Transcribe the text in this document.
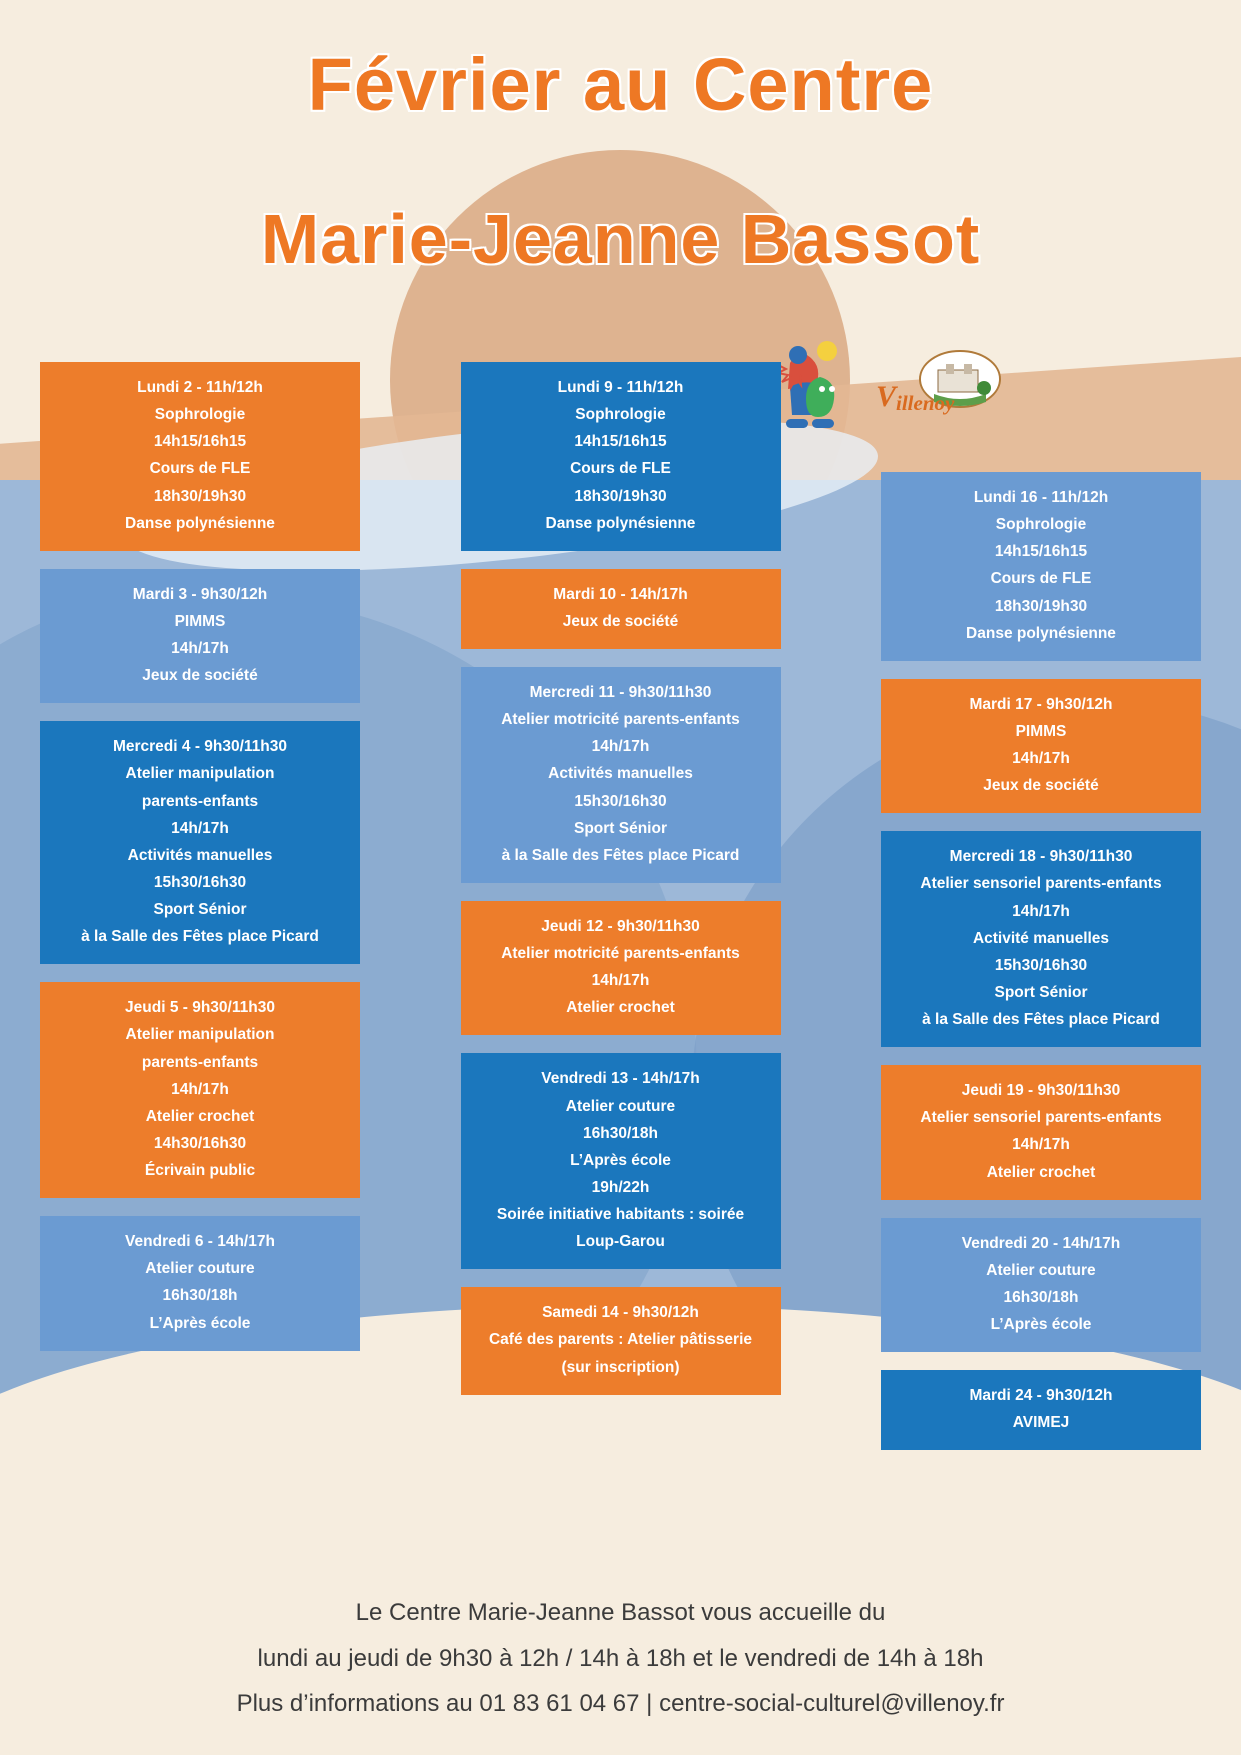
Février au Centre
Marie-Jeanne Bassot
V illenoy
Lundi 2 - 11h/12h
Sophrologie
14h15/16h15
Cours de FLE
18h30/19h30
Danse polynésienne
Mardi 3 - 9h30/12h
PIMMS
14h/17h
Jeux de société
Mercredi 4 - 9h30/11h30
Atelier manipulation
parents-enfants
14h/17h
Activités manuelles
15h30/16h30
Sport Sénior
à la Salle des Fêtes place Picard
Jeudi 5 - 9h30/11h30
Atelier manipulation
parents-enfants
14h/17h
Atelier crochet
14h30/16h30
Écrivain public
Vendredi 6 - 14h/17h
Atelier couture
16h30/18h
L’Après école
Lundi 9 - 11h/12h
Sophrologie
14h15/16h15
Cours de FLE
18h30/19h30
Danse polynésienne
Mardi 10 - 14h/17h
Jeux de société
Mercredi 11 - 9h30/11h30
Atelier motricité parents-enfants
14h/17h
Activités manuelles
15h30/16h30
Sport Sénior
à la Salle des Fêtes place Picard
Jeudi 12 - 9h30/11h30
Atelier motricité parents-enfants
14h/17h
Atelier crochet
Vendredi 13 - 14h/17h
Atelier couture
16h30/18h
L’Après école
19h/22h
Soirée initiative habitants : soirée
Loup-Garou
Samedi 14 - 9h30/12h
Café des parents : Atelier pâtisserie
(sur inscription)
Lundi 16 - 11h/12h
Sophrologie
14h15/16h15
Cours de FLE
18h30/19h30
Danse polynésienne
Mardi 17 - 9h30/12h
PIMMS
14h/17h
Jeux de société
Mercredi 18 - 9h30/11h30
Atelier sensoriel parents-enfants
14h/17h
Activité manuelles
15h30/16h30
Sport Sénior
à la Salle des Fêtes place Picard
Jeudi 19 - 9h30/11h30
Atelier sensoriel parents-enfants
14h/17h
Atelier crochet
Vendredi 20 - 14h/17h
Atelier couture
16h30/18h
L’Après école
Mardi 24 - 9h30/12h
AVIMEJ
Le Centre Marie-Jeanne Bassot vous accueille du
lundi au jeudi de 9h30 à 12h / 14h à 18h et le vendredi de 14h à 18h
Plus d’informations au 01 83 61 04 67 | centre-social-culturel@villenoy.fr
